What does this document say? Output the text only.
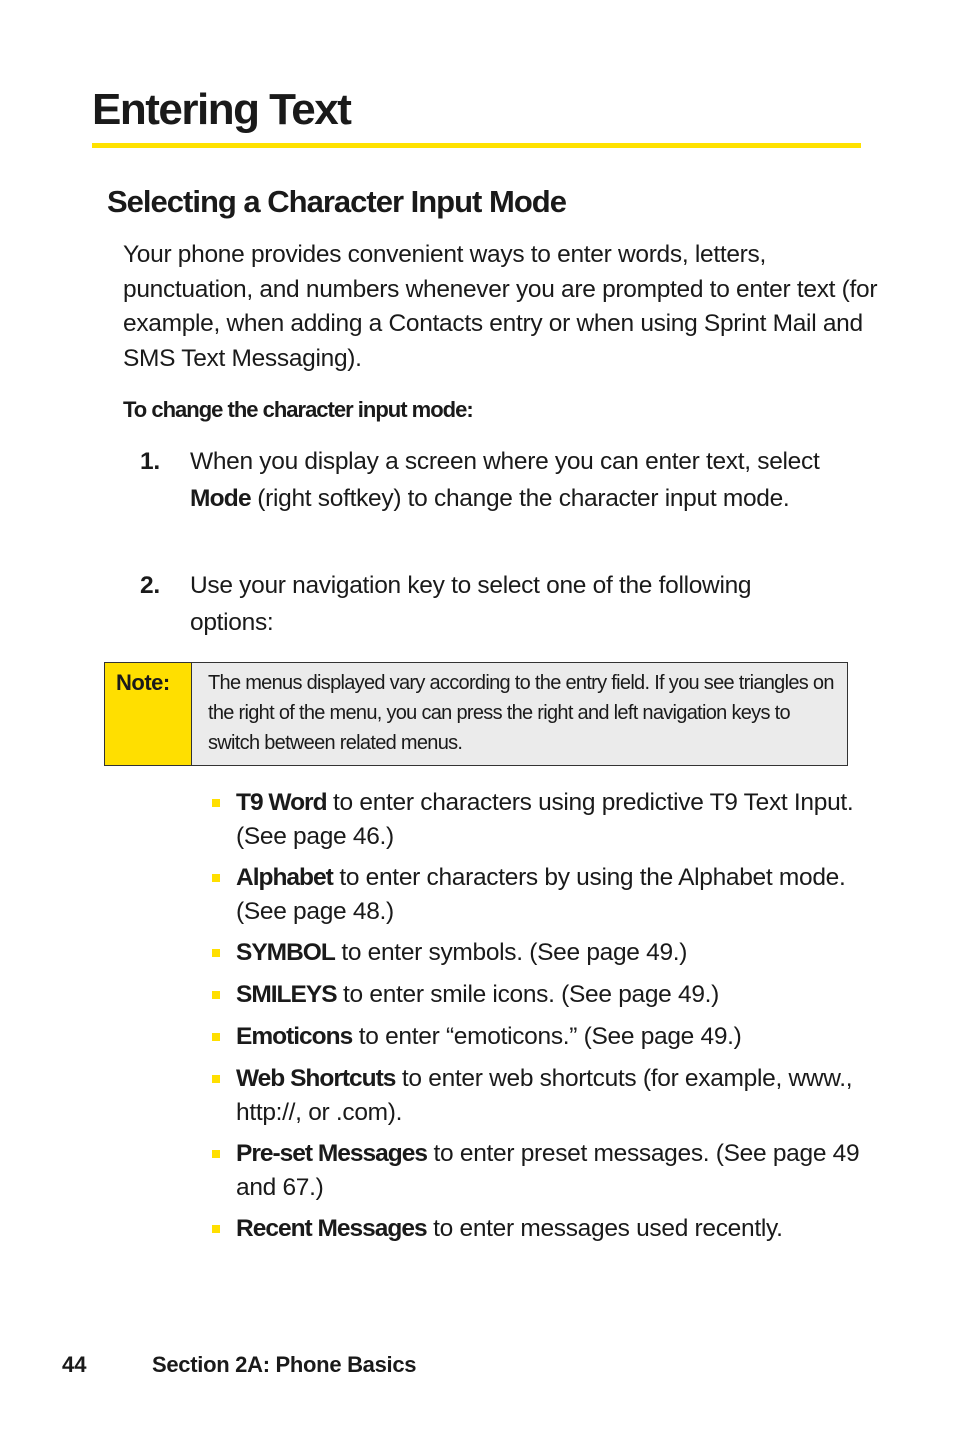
Entering Text
Selecting a Character Input Mode

Your phone provides convenient ways to enter words, letters, punctuation, and numbers whenever you are prompted to enter text (for example, when adding a Contacts entry or when using Sprint Mail and SMS Text Messaging).

To change the character input mode:

1.	When you display a screen where you can enter text, select Mode (right softkey) to change the character input mode.
2.	Use your navigation key to select one of the following options:
Note: The menus displayed vary according to the entry field. If you see triangles on the right of the menu, you can press the right and left navigation keys to switch between related menus.
T9 Word to enter characters using predictive T9 Text Input. (See page 46.)
Alphabet to enter characters by using the Alphabet mode. (See page 48.)
SYMBOL to enter symbols. (See page 49.)
SMILEYS to enter smile icons. (See page 49.)
Emoticons to enter “emoticons.” (See page 49.)
Web Shortcuts to enter web shortcuts (for example, www., http://, or .com).
Pre-set Messages to enter preset messages. (See page 49 and 67.)
Recent Messages to enter messages used recently.
44	Section 2A: Phone Basics
